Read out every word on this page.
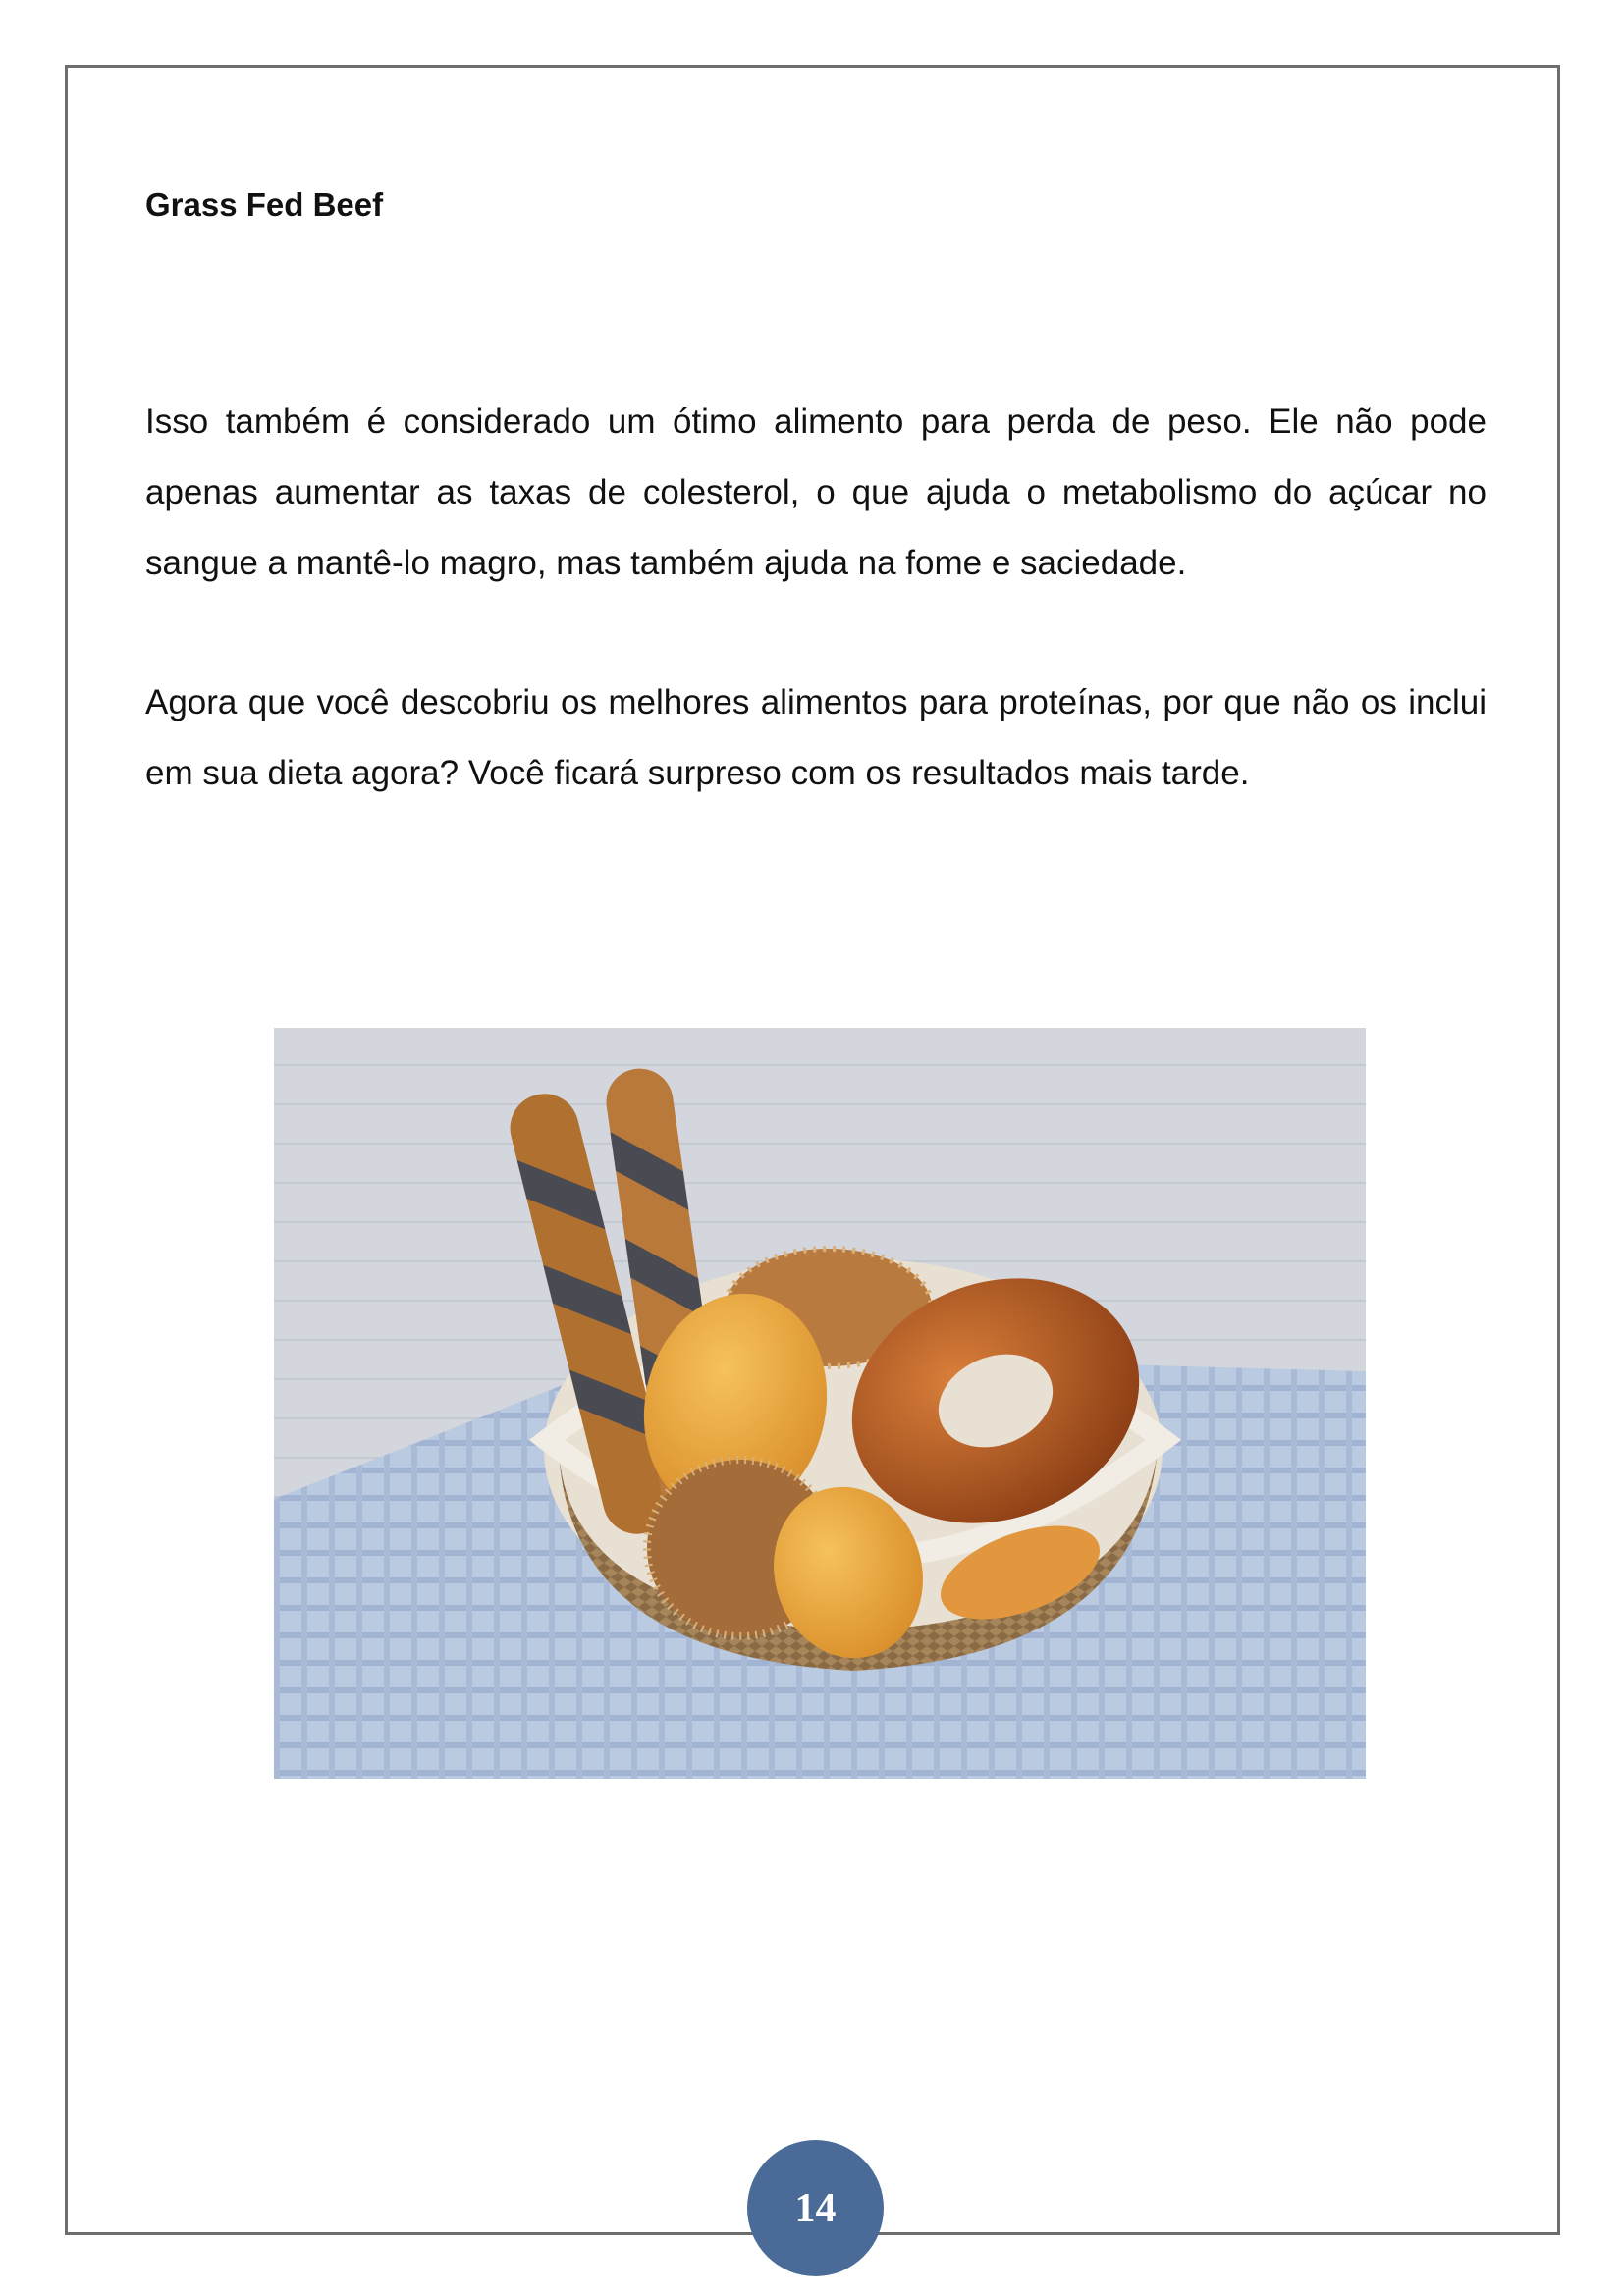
Grass Fed Beef

Isso também é considerado um ótimo alimento para perda de peso. Ele não pode apenas aumentar as taxas de colesterol, o que ajuda o metabolismo do açúcar no sangue a mantê-lo magro, mas também ajuda na fome e saciedade.

Agora que você descobriu os melhores alimentos para proteínas, por que não os inclui em sua dieta agora? Você ficará surpreso com os resultados mais tarde.

14
